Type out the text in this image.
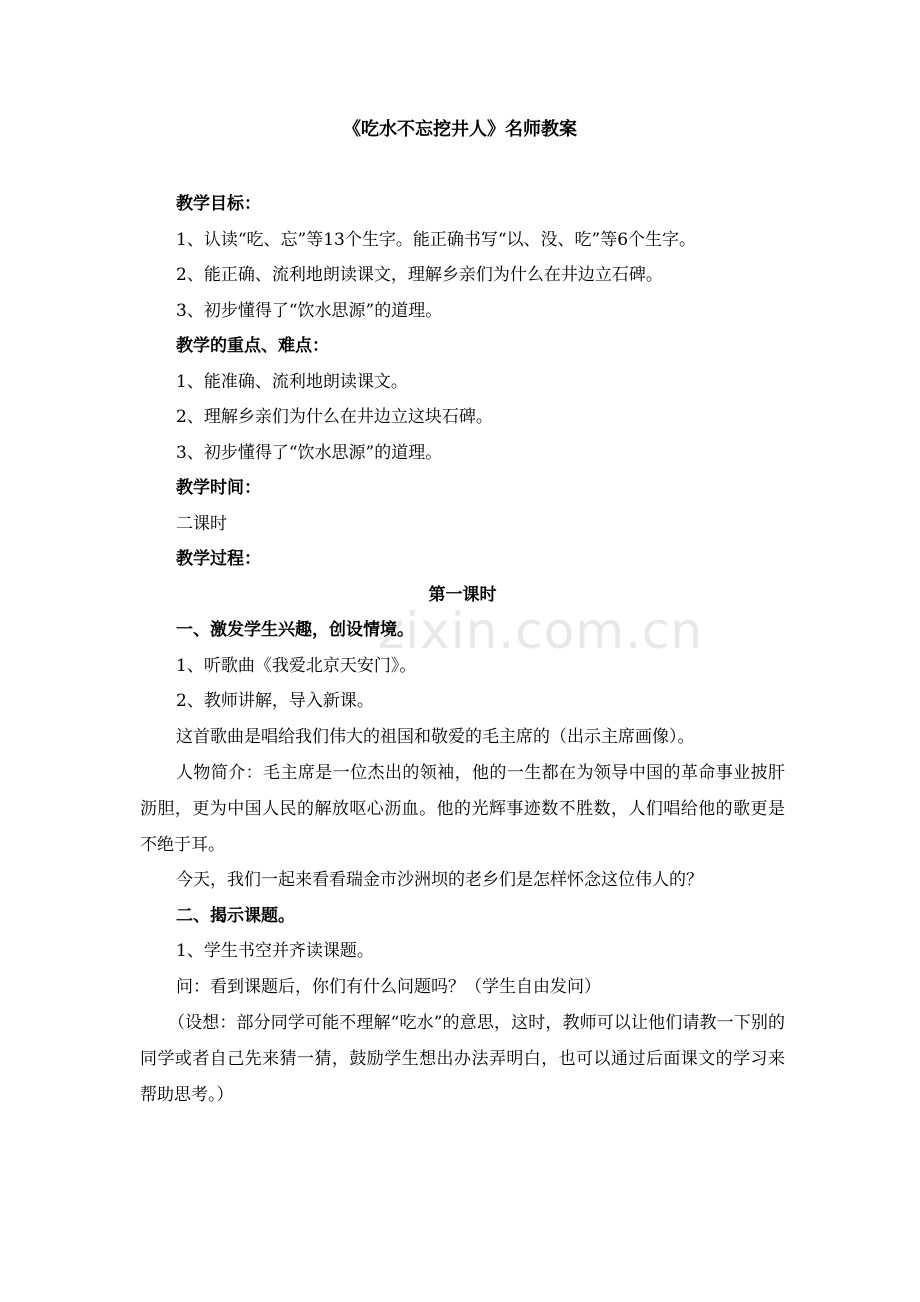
《吃水不忘挖井人》名师教案
zixin.com.cn
教学目标：
1、认读“吃、忘”等13个生字。能正确书写“以、没、吃”等6个生字。
2、能正确、流利地朗读课文，理解乡亲们为什么在井边立石碑。
3、初步懂得了“饮水思源”的道理。
教学的重点、难点：
1、能准确、流利地朗读课文。
2、理解乡亲们为什么在井边立这块石碑。
3、初步懂得了“饮水思源”的道理。
教学时间：
二课时
教学过程：
第一课时
一、激发学生兴趣，创设情境。
1、听歌曲《我爱北京天安门》。
2、教师讲解，导入新课。
这首歌曲是唱给我们伟大的祖国和敬爱的毛主席的（出示主席画像）。
人物简介：毛主席是一位杰出的领袖，他的一生都在为领导中国的革命事业披肝沥胆，更为中国人民的解放呕心沥血。他的光辉事迹数不胜数，人们唱给他的歌更是不绝于耳。
今天，我们一起来看看瑞金市沙洲坝的老乡们是怎样怀念这位伟人的？
二、揭示课题。
1、学生书空并齐读课题。
问：看到课题后，你们有什么问题吗？（学生自由发问）
（设想：部分同学可能不理解“吃水”的意思，这时，教师可以让他们请教一下别的同学或者自己先来猜一猜，鼓励学生想出办法弄明白，也可以通过后面课文的学习来帮助思考。）
